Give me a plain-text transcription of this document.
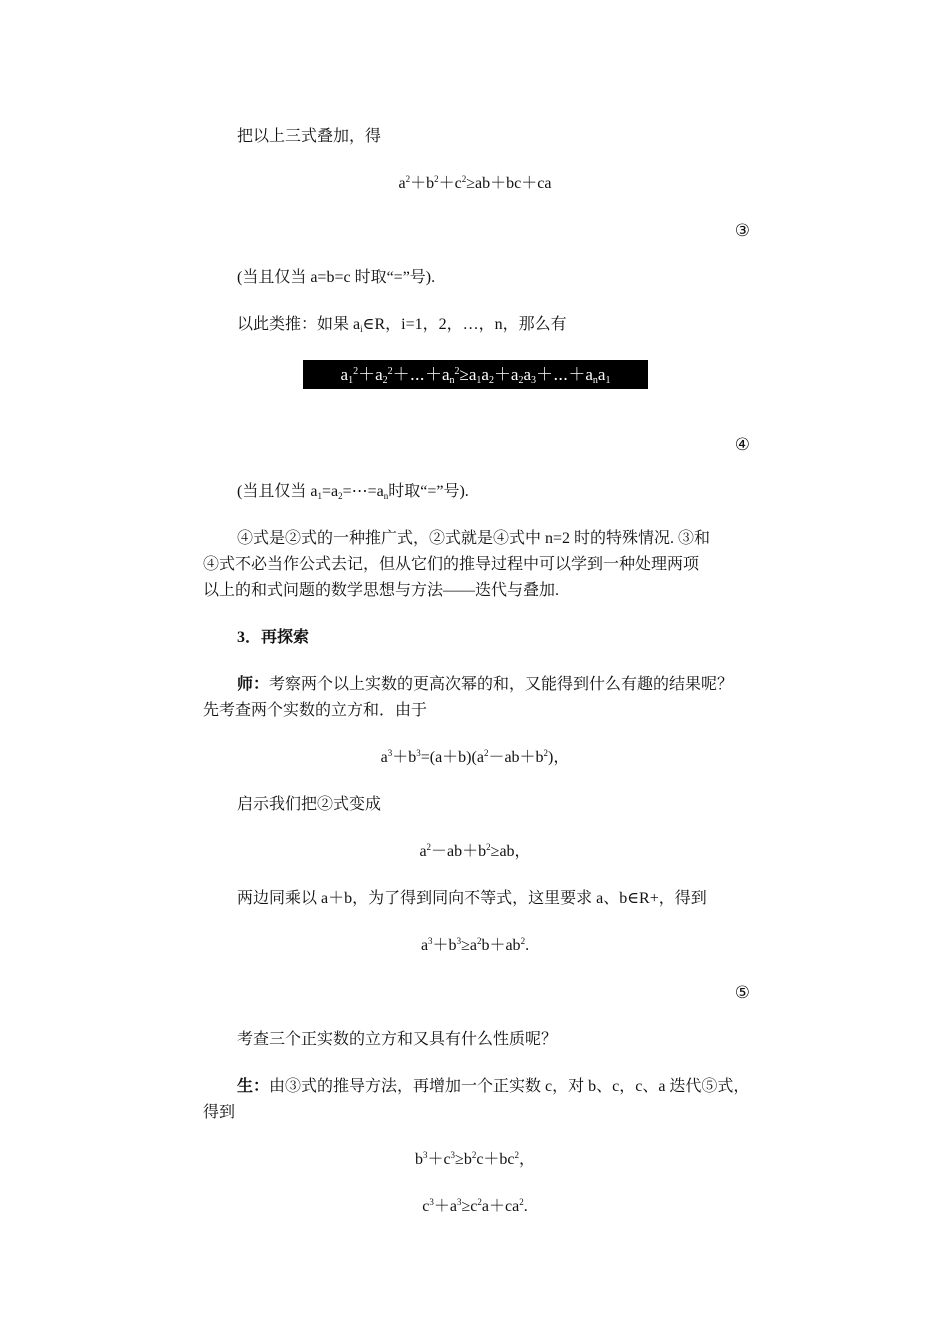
把以上三式叠加，得
$a^2+b^2+c^2\ge ab+bc+ca$
③
(当且仅当 a=b=c 时取“=”号).
以此类推：如果 $a_i\in R$，i=1，2，…，n，那么有
$a_1^2+a_2^2+\cdots+a_n^2\ge a_1a_2+a_2a_3+\cdots+a_na_1$
④
(当且仅当 $a_1=a_2=\cdots=a_n$时取“=”号).
④式是②式的一种推广式，②式就是④式中 n=2 时的特殊情况. ③和
④式不必当作公式去记，但从它们的推导过程中可以学到一种处理两项
以上的和式问题的数学思想与方法——迭代与叠加.
3．再探索
师：考察两个以上实数的更高次幂的和，又能得到什么有趣的结果呢？
先考查两个实数的立方和．由于
$a^3+b^3=(a+b)(a^2-ab+b^2)$，
启示我们把②式变成
$a^2-ab+b^2\ge ab$，
两边同乘以 a＋b，为了得到同向不等式，这里要求 a、b∈R+，得到
$a^3+b^3\ge a^2b+ab^2$.
⑤
考查三个正实数的立方和又具有什么性质呢？
生：由③式的推导方法，再增加一个正实数 c，对 b、c，c、a 迭代⑤式，
得到
$b^3+c^3\ge b^2c+bc^2$，
$c^3+a^3\ge c^2a+ca^2$.
